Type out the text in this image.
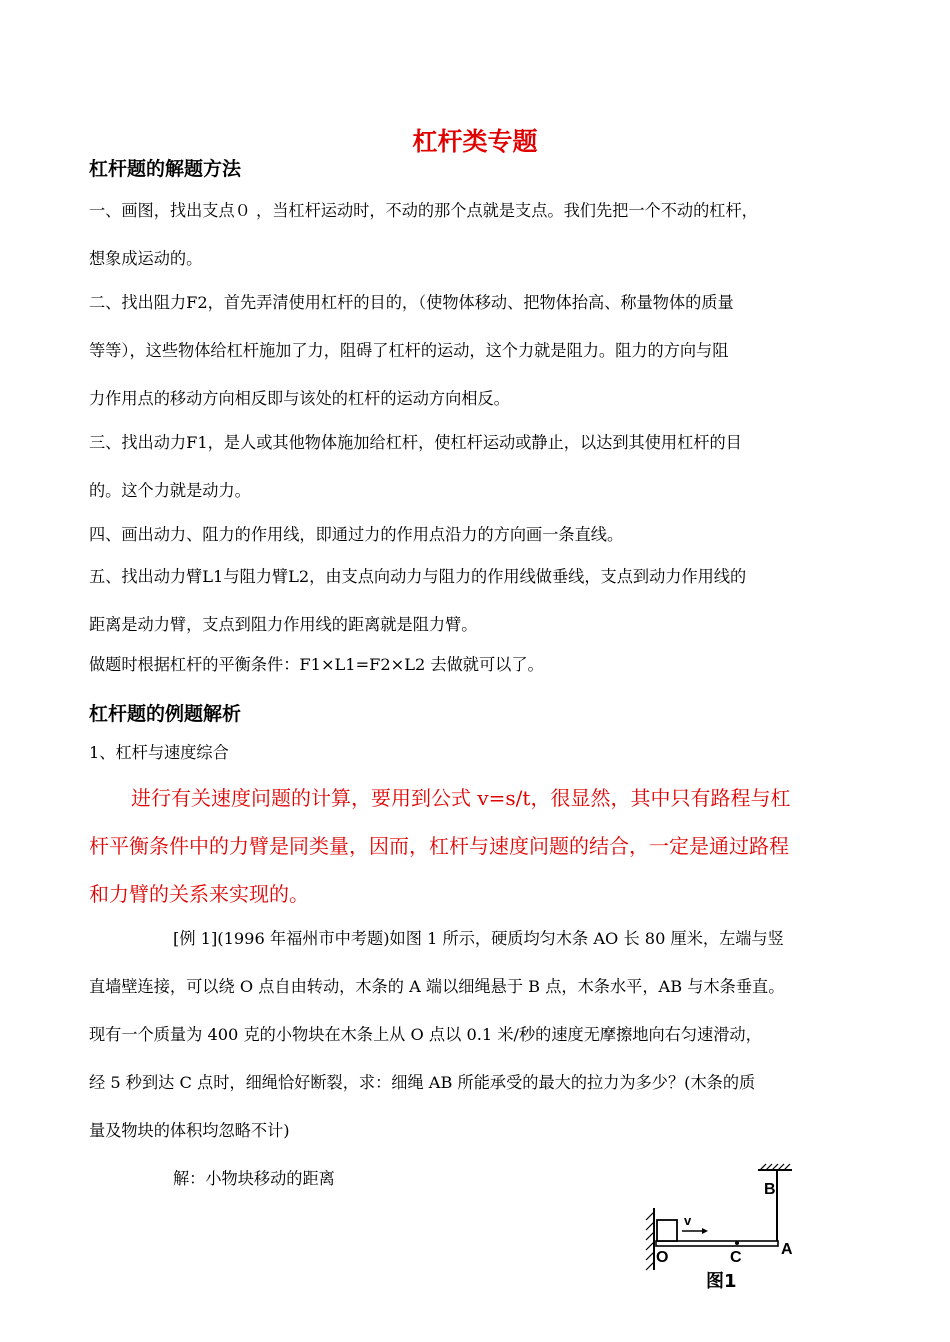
杠杆类专题
杠杆题的解题方法
一、画图，找出支点０ ，当杠杆运动时，不动的那个点就是支点。我们先把一个不动的杠杆，
想象成运动的。
二、找出阻力F2，首先弄清使用杠杆的目的，（使物体移动、把物体抬高、称量物体的质量
等等），这些物体给杠杆施加了力，阻碍了杠杆的运动，这个力就是阻力。阻力的方向与阻
力作用点的移动方向相反即与该处的杠杆的运动方向相反。
三、找出动力F1，是人或其他物体施加给杠杆，使杠杆运动或静止，以达到其使用杠杆的目
的。这个力就是动力。
四、画出动力、阻力的作用线，即通过力的作用点沿力的方向画一条直线。
五、找出动力臂L1与阻力臂L2，由支点向动力与阻力的作用线做垂线，支点到动力作用线的
距离是动力臂，支点到阻力作用线的距离就是阻力臂。
做题时根据杠杆的平衡条件：F1×L1=F2×L2 去做就可以了。
杠杆题的例题解析
1、杠杆与速度综合
进行有关速度问题的计算，要用到公式 v=s/t，很显然，其中只有路程与杠
杆平衡条件中的力臂是同类量，因而，杠杆与速度问题的结合，一定是通过路程
和力臂的关系来实现的。
[例 1](1996 年福州市中考题)如图 1 所示，硬质均匀木条 AO 长 80 厘米，左端与竖
直墙壁连接，可以绕 O 点自由转动，木条的 A 端以细绳悬于 B 点，木条水平，AB 与木条垂直。
现有一个质量为 400 克的小物块在木条上从 O 点以 0.1 米/秒的速度无摩擦地向右匀速滑动，
经 5 秒到达 C 点时，细绳恰好断裂，求：细绳 AB 所能承受的最大的拉力为多少？(木条的质
量及物块的体积均忽略不计)
解：小物块移动的距离
B
v
O	C A
图1
